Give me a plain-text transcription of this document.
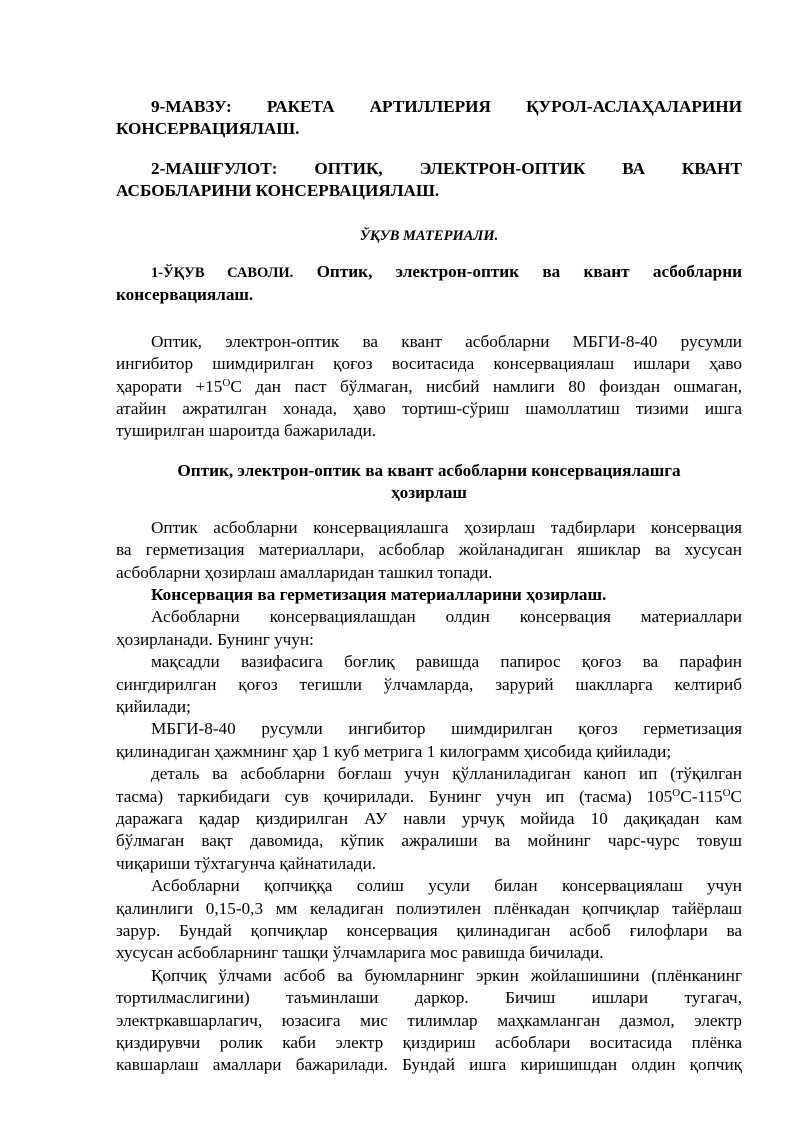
9-МАВЗУ: РАКЕТА АРТИЛЛЕРИЯ ҚУРОЛ-АСЛАҲАЛАРИНИ

КОНСЕРВАЦИЯЛАШ.

2-МАШҒУЛОТ: ОПТИК, ЭЛЕКТРОН-ОПТИК ВА КВАНТ

АСБОБЛАРИНИ КОНСЕРВАЦИЯЛАШ.

ЎҚУВ МАТЕРИАЛИ.

1-ЎҚУВ САВОЛИ. Оптик, электрон-оптик ва квант асбобларни

консервациялаш.

Оптик, электрон-оптик ва квант асбобларни МБГИ-8-40 русумли

ингибитор шимдирилган қоғоз воситасида консервациялаш ишлари ҳаво

ҳарорати $+15^ОС$ дан паст бўлмаган, нисбий намлиги 80 фоиздан ошмаган,

атайин ажратилган хонада, ҳаво тортиш-сўриш шамоллатиш тизими ишга

туширилган шароитда бажарилади.

Оптик, электрон-оптик ва квант асбобларни консервациялашга

ҳозирлаш

Оптик асбобларни консервациялашга ҳозирлаш тадбирлари консервация

ва герметизация материаллари, асбоблар жойланадиган яшиклар ва хусусан

асбобларни ҳозирлаш амалларидан ташкил топади.

Консервация ва герметизация материалларини ҳозирлаш.

Асбобларни консервациялашдан олдин консервация материаллари

ҳозирланади. Бунинг учун:

мақсадли вазифасига боғлиқ равишда папирос қоғоз ва парафин

сингдирилган қоғоз тегишли ўлчамларда, зарурий шаклларга келтириб

қийилади;

МБГИ-8-40 русумли ингибитор шимдирилган қоғоз герметизация

қилинадиган ҳажмнинг ҳар 1 куб метрига 1 килограмм ҳисобида қийилади;

деталь ва асбобларни боғлаш учун қўлланиладиган каноп ип (тўқилган

тасма) таркибидаги сув қочирилади. Бунинг учун ип (тасма) $105^ОС-115^ОС$

даражага қадар қиздирилган АУ навли урчуқ мойида 10 дақиқадан кам

бўлмаган вақт давомида, кўпик ажралиши ва мойнинг чарс-чурс товуш

чиқариши тўхтагунча қайнатилади.

Асбобларни қопчиққа солиш усули билан консервациялаш учун

қалинлиги 0,15-0,3 мм келадиган полиэтилен плёнкадан қопчиқлар тайёрлаш

зарур. Бундай қопчиқлар консервация қилинадиган асбоб ғилофлари ва

хусусан асбобларнинг ташқи ўлчамларига мос равишда бичилади.

Қопчиқ ўлчами асбоб ва буюмларнинг эркин жойлашишини (плёнканинг

тортилмаслигини) таъминлаши даркор. Бичиш ишлари тугагач,

электркавшарлагич, юзасига мис тилимлар маҳкамланган дазмол, электр

қиздирувчи ролик каби электр қиздириш асбоблари воситасида плёнка

кавшарлаш амаллари бажарилади. Бундай ишга киришишдан олдин қопчиқ
